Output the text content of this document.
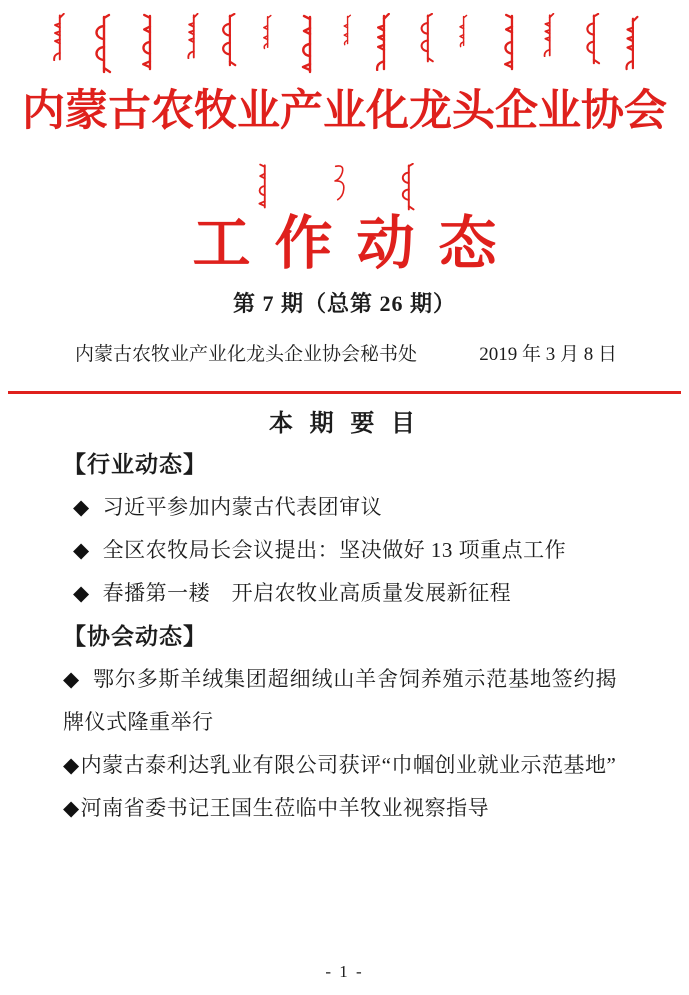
内蒙古农牧业产业化龙头企业协会
工作动态
第 7 期（总第 26 期）
内蒙古农牧业产业化龙头企业协会秘书处	2019 年 3 月 8 日
本 期 要 目
【行业动态】
◆ 习近平参加内蒙古代表团审议
◆ 全区农牧局长会议提出：坚决做好 13 项重点工作
◆ 春播第一耧　开启农牧业高质量发展新征程
【协会动态】
◆ 鄂尔多斯羊绒集团超细绒山羊舍饲养殖示范基地签约揭牌仪式隆重举行
◆内蒙古泰利达乳业有限公司获评“巾帼创业就业示范基地”
◆河南省委书记王国生莅临中羊牧业视察指导
- 1 -
